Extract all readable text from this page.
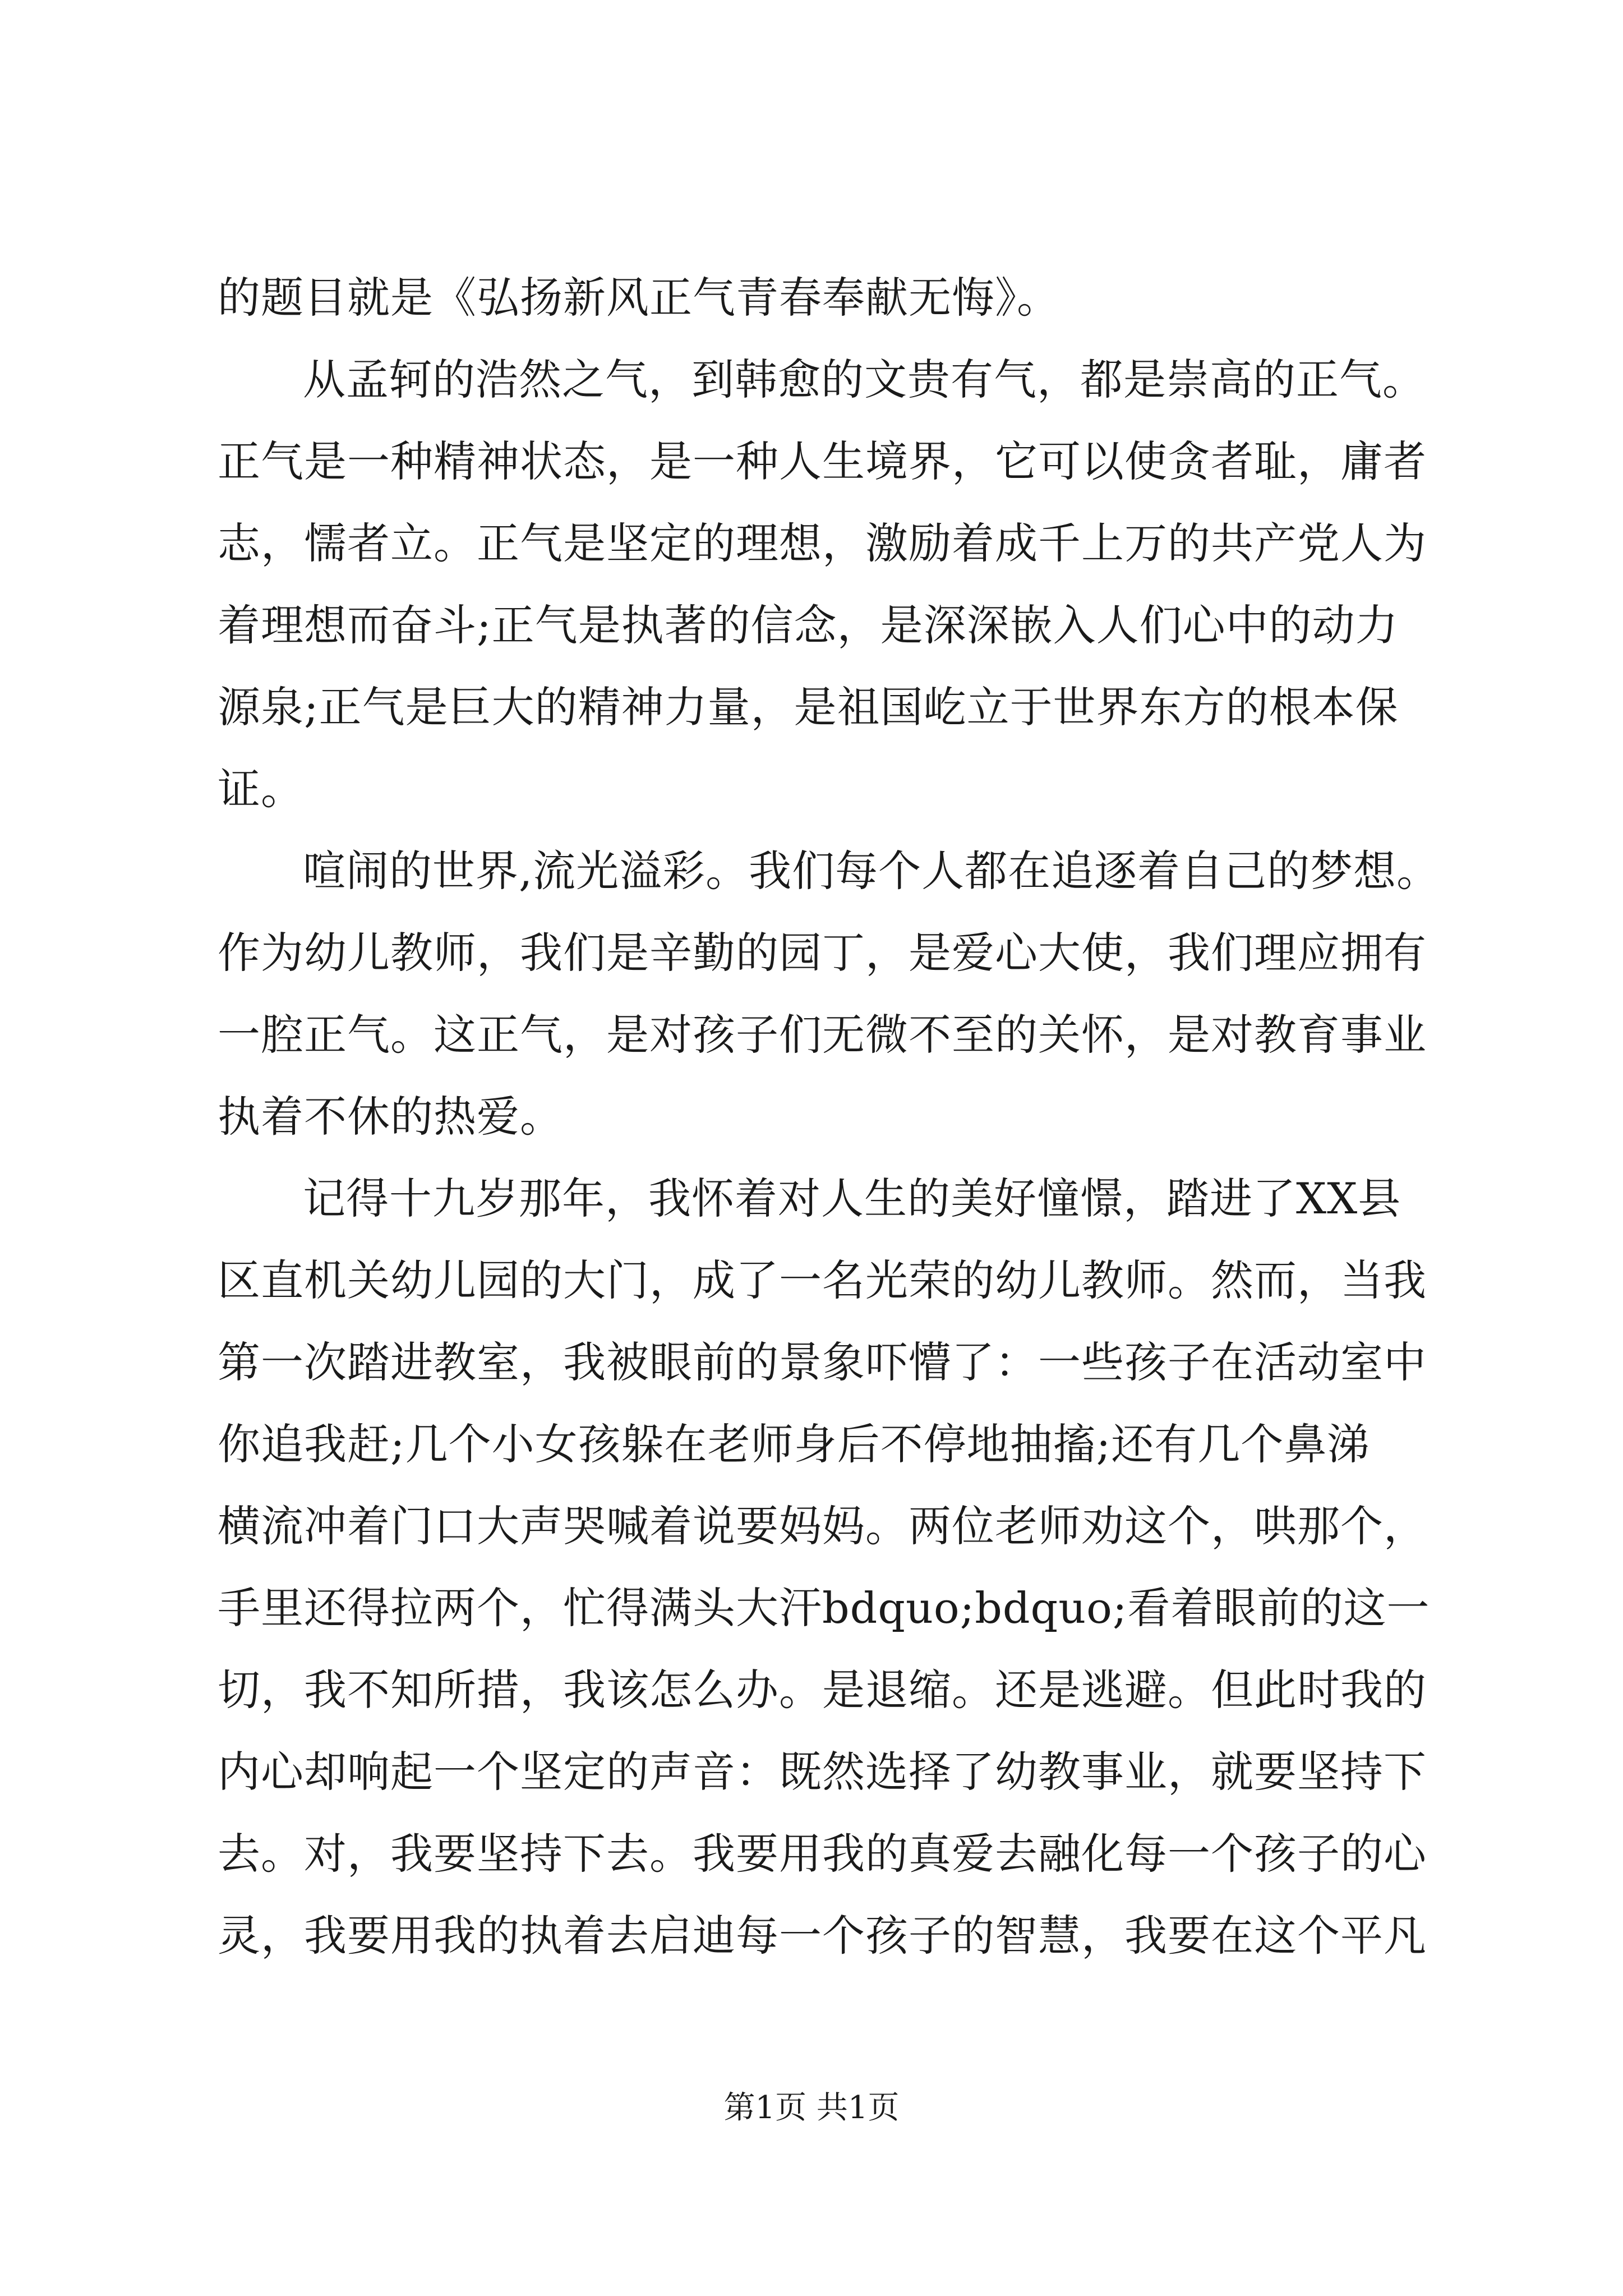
的题目就是《弘扬新风正气青春奉献无悔》。

从孟轲的浩然之气，到韩愈的文贵有气，都是崇高的正气。

正气是一种精神状态，是一种人生境界，它可以使贪者耻，庸者

志，懦者立。正气是坚定的理想，激励着成千上万的共产党人为

着理想而奋斗;正气是执著的信念，是深深嵌入人们心中的动力

源泉;正气是巨大的精神力量，是祖国屹立于世界东方的根本保

证。

喧闹的世界,流光溢彩。我们每个人都在追逐着自己的梦想。

作为幼儿教师，我们是辛勤的园丁，是爱心大使，我们理应拥有

一腔正气。这正气，是对孩子们无微不至的关怀，是对教育事业

执着不休的热爱。

记得十九岁那年，我怀着对人生的美好憧憬，踏进了XX县

区直机关幼儿园的大门，成了一名光荣的幼儿教师。然而，当我

第一次踏进教室，我被眼前的景象吓懵了：一些孩子在活动室中

你追我赶;几个小女孩躲在老师身后不停地抽搐;还有几个鼻涕

横流冲着门口大声哭喊着说要妈妈。两位老师劝这个，哄那个，

手里还得拉两个，忙得满头大汗bdquo;bdquo;看着眼前的这一

切，我不知所措，我该怎么办。是退缩。还是逃避。但此时我的

内心却响起一个坚定的声音：既然选择了幼教事业，就要坚持下

去。对，我要坚持下去。我要用我的真爱去融化每一个孩子的心

灵，我要用我的执着去启迪每一个孩子的智慧，我要在这个平凡

第1页 共1页
